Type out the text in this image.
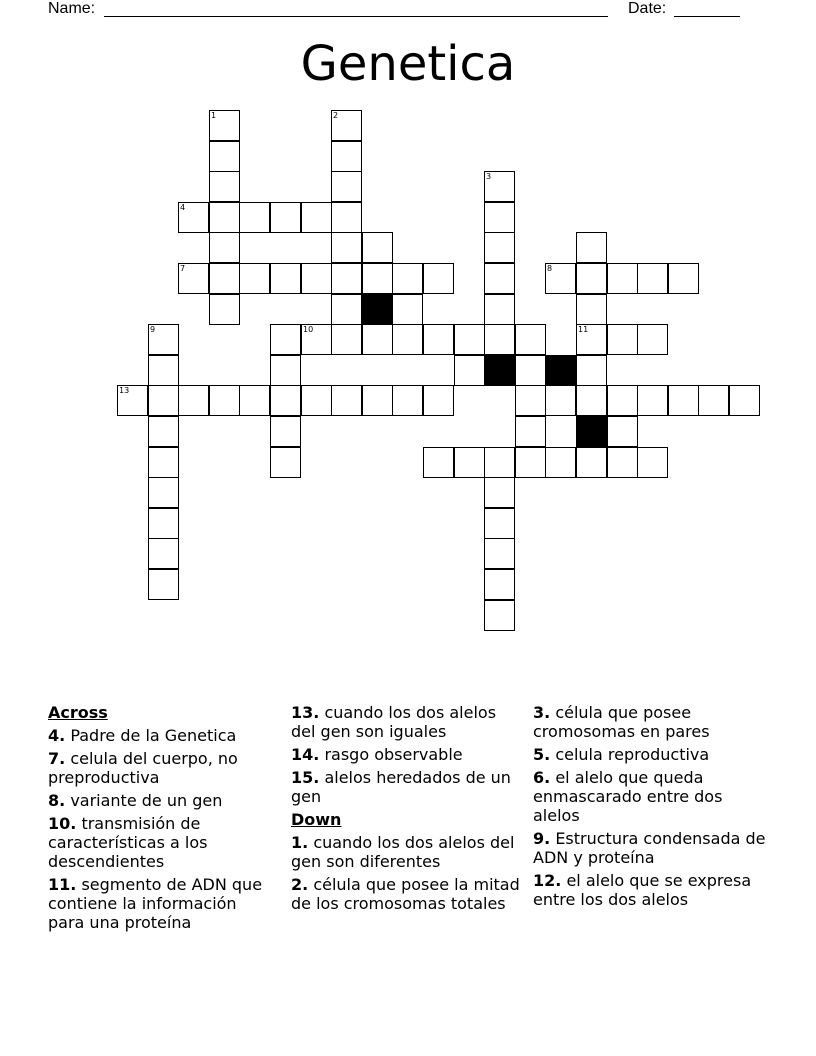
Name:	Date:
Genetica
1	2
3
4
7	8
9	10	11
12
13
Across
4. Padre de la Genetica
7. celula del cuerpo, no preproductiva
8. variante de un gen
10. transmisión de características a los descendientes
11. segmento de ADN que contiene la información para una proteína
13. cuando los dos alelos del gen son iguales
14. rasgo observable
15. alelos heredados de un gen
Down
1. cuando los dos alelos del gen son diferentes
2. célula que posee la mitad de los cromosomas totales
3. célula que posee cromosomas en pares
5. celula reproductiva
6. el alelo que queda enmascarado entre dos alelos
9. Estructura condensada de ADN y proteína
12. el alelo que se expresa entre los dos alelos
